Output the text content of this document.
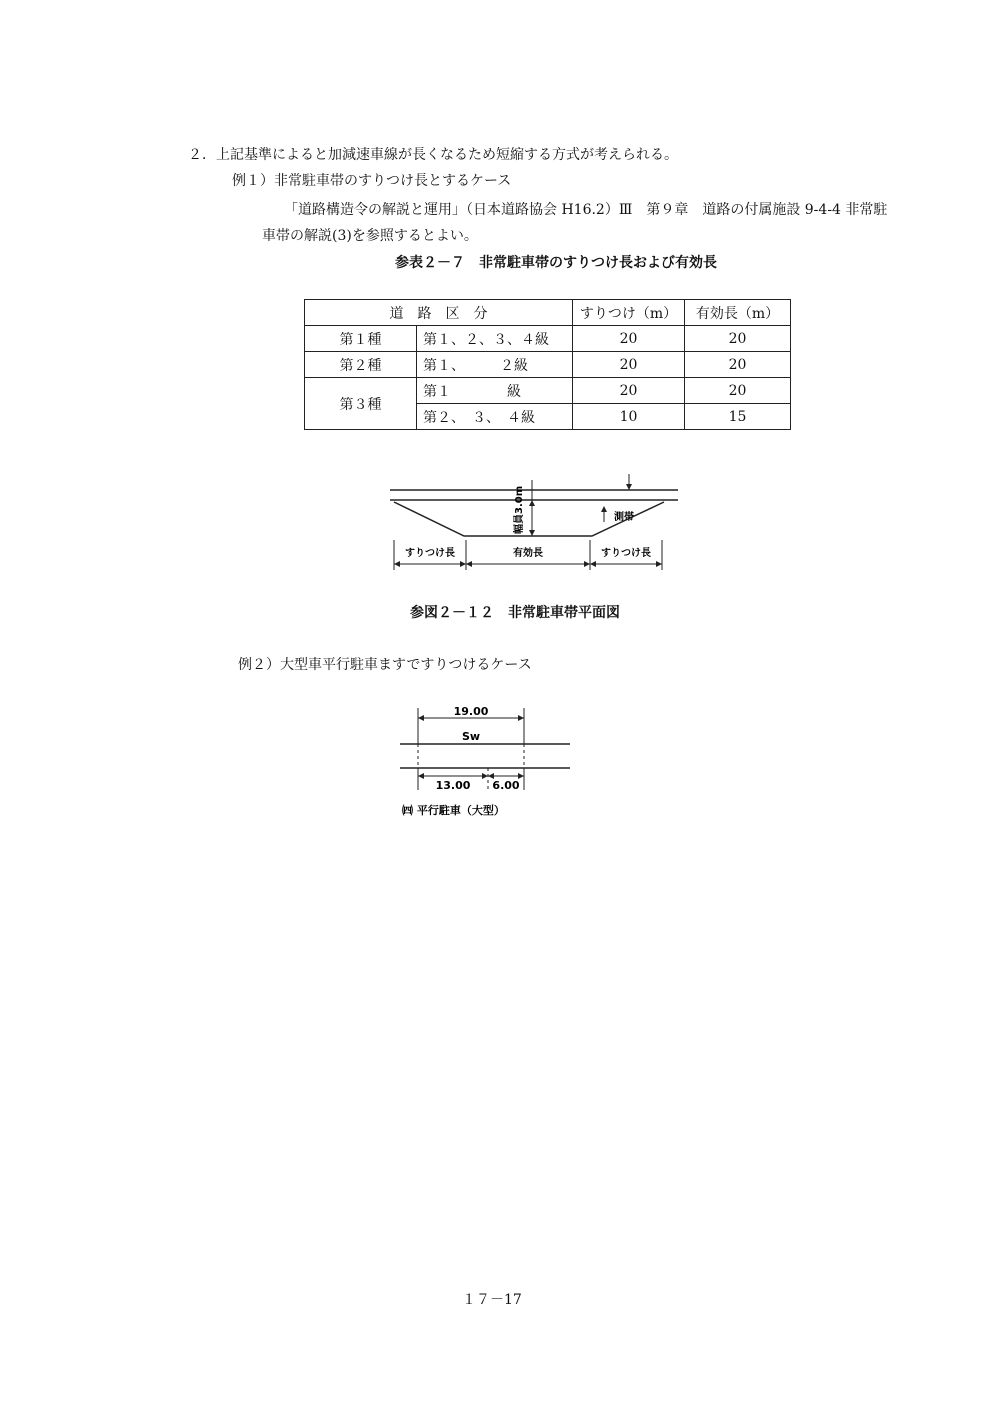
２．上記基準によると加減速車線が長くなるため短縮する方式が考えられる。
例１）非常駐車帯のすりつけ長とするケース
「道路構造令の解説と運用」（日本道路協会 H16.2）Ⅲ　第９章　道路の付属施設 9-4-4 非常駐
車帯の解説(3)を参照するとよい。
参表２－７　非常駐車帯のすりつけ長および有効長
道　路　区　分		すりつけ（m）	有効長（m）
第１種	第１、２、３、４級	20	20
第２種	第１、　　　２級	20	20
第３種	第１　　　　級	20	20
	第２、　３、　４級	10	15
幅員3.0m	測帯
すりつけ長	有効長	すりつけ長
参図２－１２　非常駐車帯平面図
例２）大型車平行駐車ますですりつけるケース
19.00
Sw
13.00 6.00
㈣ 平行駐車（大型）
１７－17
